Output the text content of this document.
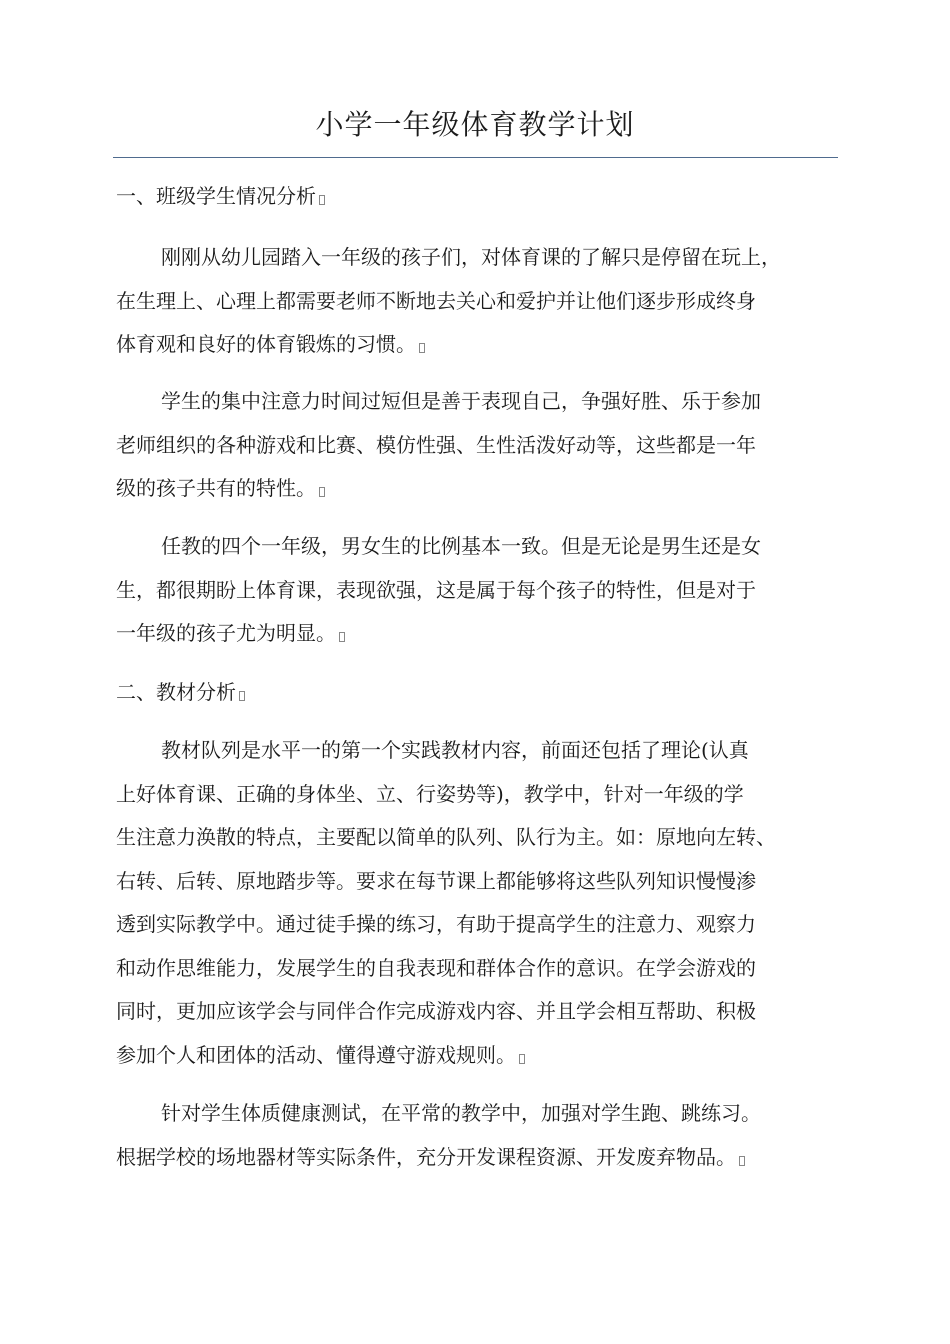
小学一年级体育教学计划

一、班级学生情况分析

刚刚从幼儿园踏入一年级的孩子们，对体育课的了解只是停留在玩上，
在生理上、心理上都需要老师不断地去关心和爱护并让他们逐步形成终身
体育观和良好的体育锻炼的习惯。
学生的集中注意力时间过短但是善于表现自己，争强好胜、乐于参加
老师组织的各种游戏和比赛、模仿性强、生性活泼好动等，这些都是一年
级的孩子共有的特性。
任教的四个一年级，男女生的比例基本一致。但是无论是男生还是女
生，都很期盼上体育课，表现欲强，这是属于每个孩子的特性，但是对于
一年级的孩子尤为明显。

二、教材分析

教材队列是水平一的第一个实践教材内容，前面还包括了理论(认真
上好体育课、正确的身体坐、立、行姿势等)，教学中，针对一年级的学
生注意力涣散的特点，主要配以简单的队列、队行为主。如：原地向左转、
右转、后转、原地踏步等。要求在每节课上都能够将这些队列知识慢慢渗
透到实际教学中。通过徒手操的练习，有助于提高学生的注意力、观察力
和动作思维能力，发展学生的自我表现和群体合作的意识。在学会游戏的
同时，更加应该学会与同伴合作完成游戏内容、并且学会相互帮助、积极
参加个人和团体的活动、懂得遵守游戏规则。
针对学生体质健康测试，在平常的教学中，加强对学生跑、跳练习。
根据学校的场地器材等实际条件，充分开发课程资源、开发废弃物品。
